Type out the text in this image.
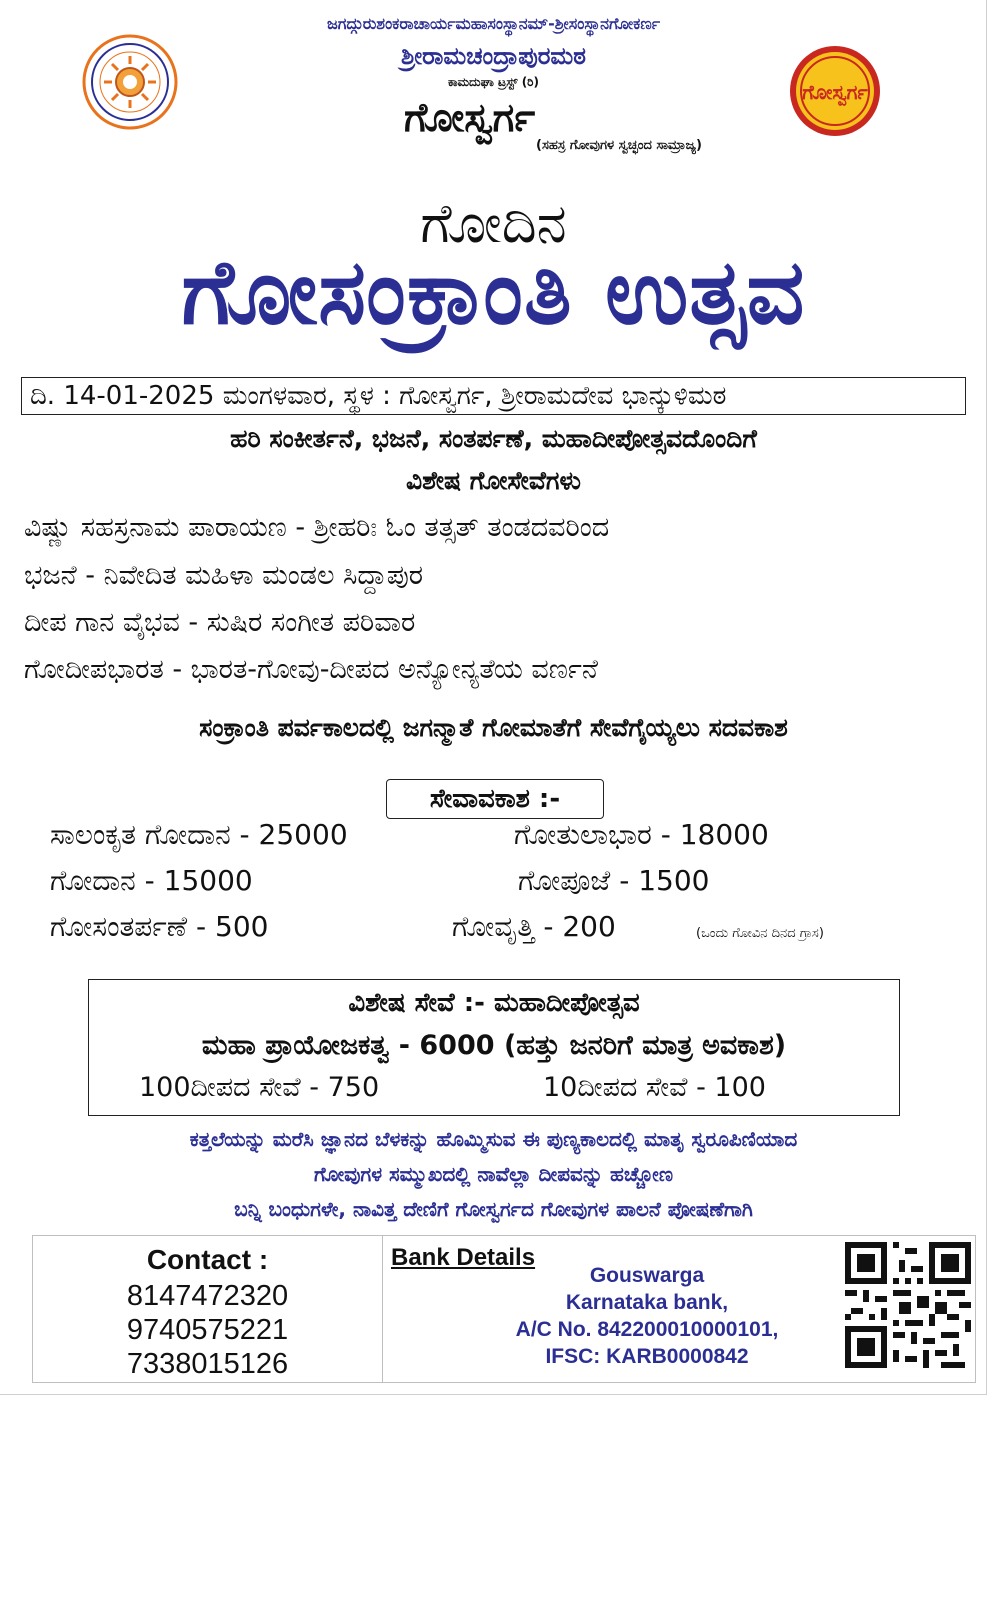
ಗೋಸ್ವರ್ಗ
ಜಗದ್ಗುರುಶಂಕರಾಚಾರ್ಯಮಹಾಸಂಸ್ಥಾನಮ್-ಶ್ರೀಸಂಸ್ಥಾನಗೋಕರ್ಣ
ಶ್ರೀರಾಮಚಂದ್ರಾಪುರಮಠ
ಕಾಮದುಘಾ ಟ್ರಸ್ಟ್ (ರಿ)
ಗೋಸ್ವರ್ಗ
(ಸಹಸ್ರ ಗೋವುಗಳ ಸ್ವಚ್ಛಂದ ಸಾಮ್ರಾಜ್ಯ)
ಗೋದಿನ
ಗೋಸಂಕ್ರಾಂತಿ ಉತ್ಸವ
ದಿ. 14-01-2025 ಮಂಗಳವಾರ, ಸ್ಥಳ : ಗೋಸ್ವರ್ಗ, ಶ್ರೀರಾಮದೇವ ಭಾನ್ಕುಳಿಮಠ
ಹರಿ ಸಂಕೀರ್ತನೆ, ಭಜನೆ, ಸಂತರ್ಪಣೆ, ಮಹಾದೀಪೋತ್ಸವದೊಂದಿಗೆ
ವಿಶೇಷ ಗೋಸೇವೆಗಳು
ವಿಷ್ಣು ಸಹಸ್ರನಾಮ ಪಾರಾಯಣ - ಶ್ರೀಹರಿಃ ಓಂ ತತ್ಸತ್ ತಂಡದವರಿಂದ
ಭಜನೆ - ನಿವೇದಿತ ಮಹಿಳಾ ಮಂಡಲ ಸಿದ್ದಾಪುರ
ದೀಪ ಗಾನ ವೈಭವ - ಸುಷಿರ ಸಂಗೀತ ಪರಿವಾರ
ಗೋದೀಪಭಾರತ - ಭಾರತ-ಗೋವು-ದೀಪದ ಅನ್ಯೋನ್ಯತೆಯ ವರ್ಣನೆ
ಸಂಕ್ರಾಂತಿ ಪರ್ವಕಾಲದಲ್ಲಿ ಜಗನ್ಮಾತೆ ಗೋಮಾತೆಗೆ ಸೇವೆಗೈಯ್ಯಲು ಸದವಕಾಶ
ಸೇವಾವಕಾಶ :-
ಸಾಲಂಕೃತ ಗೋದಾನ - 25000	ಗೋತುಲಾಭಾರ - 18000
ಗೋದಾನ - 15000	ಗೋಪೂಜೆ - 1500
ಗೋಸಂತರ್ಪಣೆ - 500	ಗೋವೃತ್ತಿ - 200	(ಒಂದು ಗೋವಿನ ದಿನದ ಗ್ರಾಸ)
ವಿಶೇಷ ಸೇವೆ :- ಮಹಾದೀಪೋತ್ಸವ
ಮಹಾ ಪ್ರಾಯೋಜಕತ್ವ - 6000 (ಹತ್ತು ಜನರಿಗೆ ಮಾತ್ರ ಅವಕಾಶ)
100ದೀಪದ ಸೇವೆ - 750	10ದೀಪದ ಸೇವೆ - 100
ಕತ್ತಲೆಯನ್ನು ಮರೆಸಿ ಜ್ಞಾನದ ಬೆಳಕನ್ನು ಹೊಮ್ಮಿಸುವ ಈ ಪುಣ್ಯಕಾಲದಲ್ಲಿ ಮಾತೃ ಸ್ವರೂಪಿಣಿಯಾದ
ಗೋವುಗಳ ಸಮ್ಮುಖದಲ್ಲಿ ನಾವೆಲ್ಲಾ ದೀಪವನ್ನು ಹಚ್ಚೋಣ
ಬನ್ನಿ ಬಂಧುಗಳೇ, ನಾವಿತ್ತ ದೇಣಿಗೆ ಗೋಸ್ವರ್ಗದ ಗೋವುಗಳ ಪಾಲನೆ ಪೋಷಣೆಗಾಗಿ
Contact :
8147472320
9740575221
7338015126
Bank Details
Gouswarga
Karnataka bank,
A/C No. 842200010000101,
IFSC: KARB0000842
